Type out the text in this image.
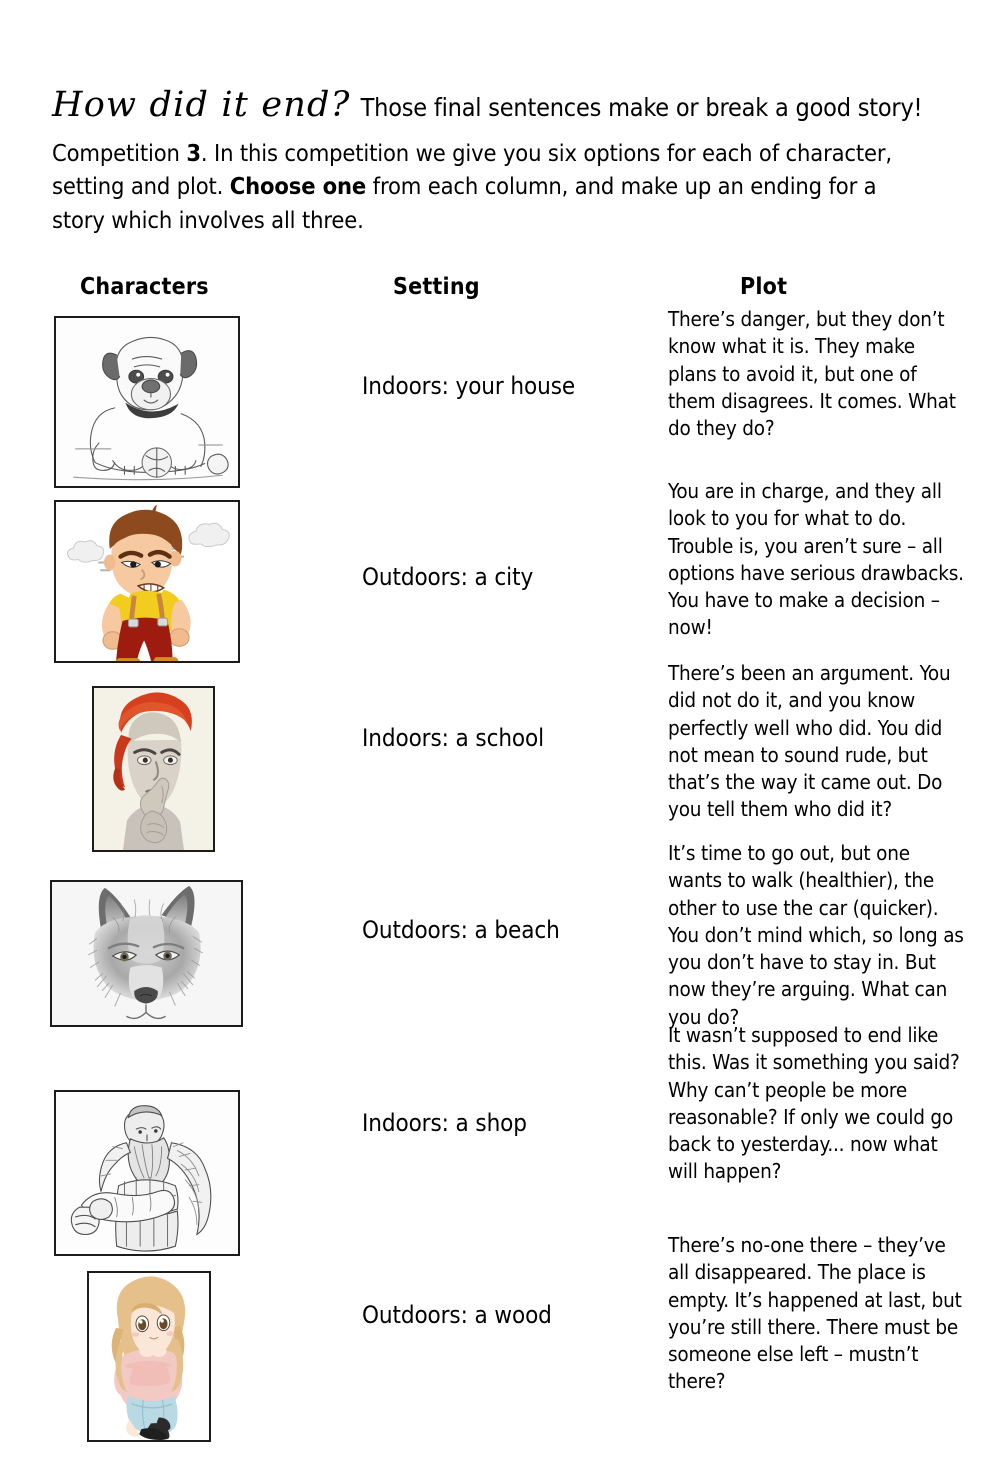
How did it end? Those final sentences make or break a good story!
Competition 3. In this competition we give you six options for each of character, setting and plot. Choose one from each column, and make up an ending for a story which involves all three.
Characters	Setting	Plot
Indoors: your house
Outdoors: a city
Indoors: a school
Outdoors: a beach
Indoors: a shop
Outdoors: a wood
There’s danger, but they don’t know what it is. They make plans to avoid it, but one of them disagrees. It comes. What do they do?
You are in charge, and they all look to you for what to do. Trouble is, you aren’t sure – all options have serious drawbacks. You have to make a decision – now!
There’s been an argument. You did not do it, and you know perfectly well who did. You did not mean to sound rude, but that’s the way it came out. Do you tell them who did it?
It’s time to go out, but one wants to walk (healthier), the other to use the car (quicker). You don’t mind which, so long as you don’t have to stay in. But now they’re arguing. What can you do?
It wasn’t supposed to end like this. Was it something you said? Why can’t people be more reasonable? If only we could go back to yesterday... now what will happen?
There’s no-one there – they’ve all disappeared. The place is empty. It’s happened at last, but you’re still there. There must be someone else left – mustn’t there?
